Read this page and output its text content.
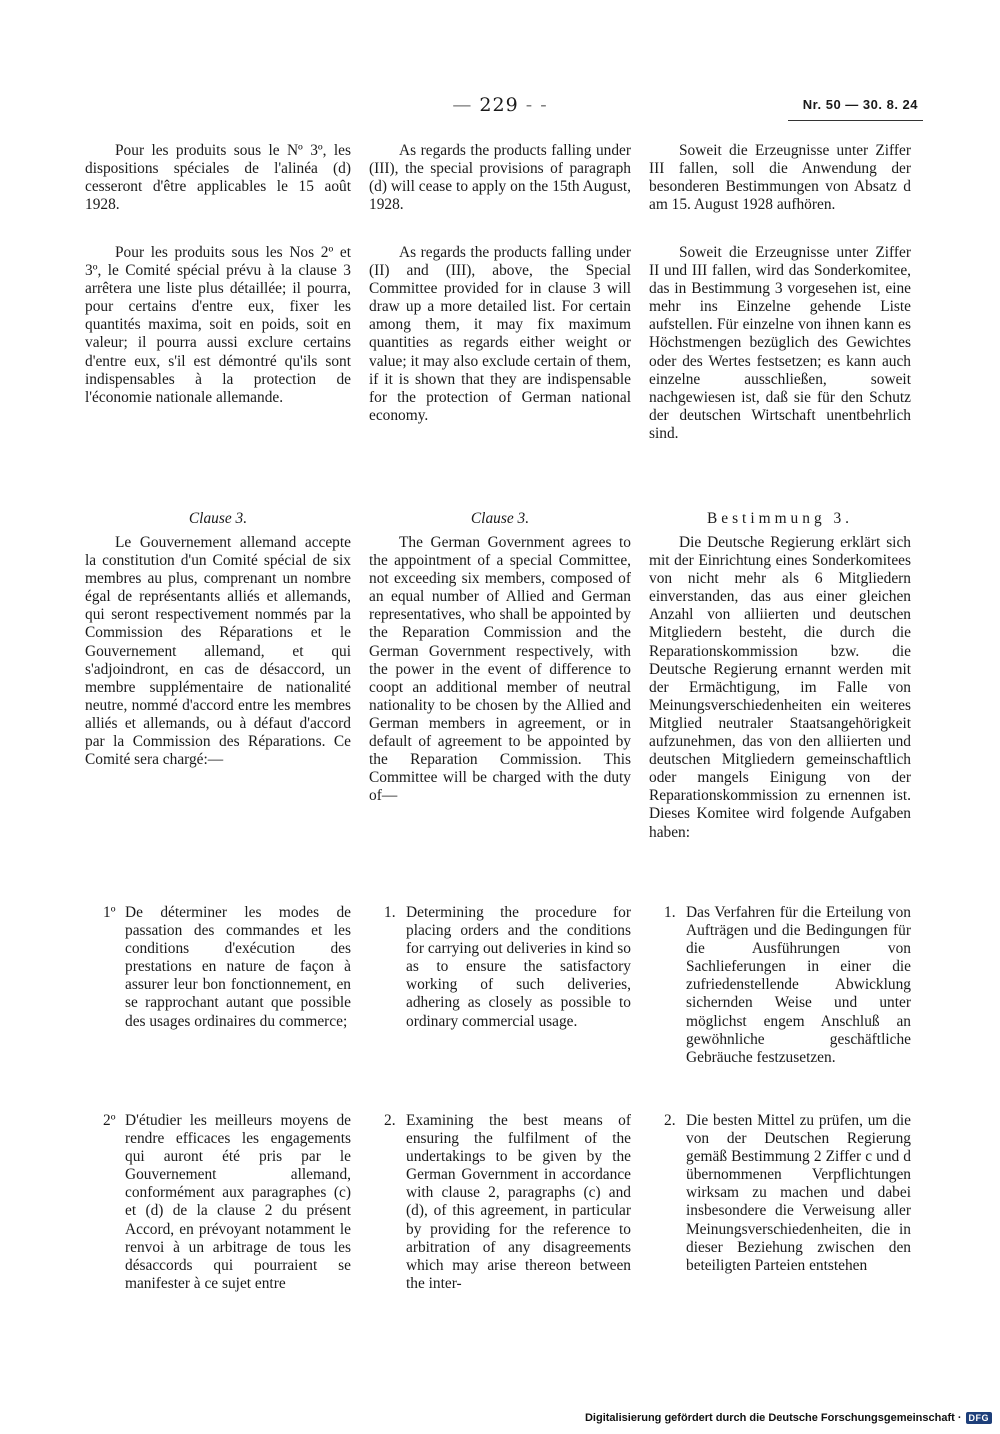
— 229 - -	Nr. 50 — 30. 8. 24

Pour les produits sous le Nº 3º, les dispositions spéciales de l'alinéa (d) cesseront d'être applicables le 15 août 1928.

As regards the products falling under (III), the special provisions of paragraph (d) will cease to apply on the 15th August, 1928.

Soweit die Erzeugnisse unter Ziffer III fallen, soll die Anwendung der besonderen Bestimmungen von Absatz d am 15. August 1928 aufhören.

Pour les produits sous les Nos 2º et 3º, le Comité spécial prévu à la clause 3 arrêtera une liste plus détaillée; il pourra, pour certains d'entre eux, fixer les quantités maxima, soit en poids, soit en valeur; il pourra aussi exclure certains d'entre eux, s'il est démontré qu'ils sont indispensables à la protection de l'économie nationale allemande.

As regards the products falling under (II) and (III), above, the Special Committee provided for in clause 3 will draw up a more detailed list. For certain among them, it may fix maximum quantities as regards either weight or value; it may also exclude certain of them, if it is shown that they are indispensable for the protection of German national economy.

Soweit die Erzeugnisse unter Ziffer II und III fallen, wird das Sonderkomitee, das in Bestimmung 3 vorgesehen ist, eine mehr ins Einzelne gehende Liste aufstellen. Für einzelne von ihnen kann es Höchstmengen bezüglich des Gewichtes oder des Wertes festsetzen; es kann auch einzelne ausschließen, soweit nachgewiesen ist, daß sie für den Schutz der deutschen Wirtschaft unentbehrlich sind.

Clause 3.	Clause 3.	Bestimmung 3.

Le Gouvernement allemand accepte la constitution d'un Comité spécial de six membres au plus, comprenant un nombre égal de représentants alliés et allemands, qui seront respectivement nommés par la Commission des Réparations et le Gouvernement allemand, et qui s'adjoindront, en cas de désaccord, un membre supplémentaire de nationalité neutre, nommé d'accord entre les membres alliés et allemands, ou à défaut d'accord par la Commission des Réparations. Ce Comité sera chargé:—

The German Government agrees to the appointment of a special Committee, not exceeding six members, composed of an equal number of Allied and German representatives, who shall be appointed by the Reparation Commission and the German Government respectively, with the power in the event of difference to coopt an additional member of neutral nationality to be chosen by the Allied and German members in agreement, or in default of agreement to be appointed by the Reparation Commission. This Committee will be charged with the duty of—

Die Deutsche Regierung erklärt sich mit der Einrichtung eines Sonderkomitees von nicht mehr als 6 Mitgliedern einverstanden, das aus einer gleichen Anzahl von alliierten und deutschen Mitgliedern besteht, die durch die Reparationskommission bzw. die Deutsche Regierung ernannt werden mit der Ermächtigung, im Falle von Meinungsverschiedenheiten ein weiteres Mitglied neutraler Staatsangehörigkeit aufzunehmen, das von den alliierten und deutschen Mitgliedern gemeinschaftlich oder mangels Einigung von der Reparationskommission zu ernennen ist. Dieses Komitee wird folgende Aufgaben haben:

1º De déterminer les modes de passation des commandes et les conditions d'exécution des prestations en nature de façon à assurer leur bon fonctionnement, en se rapprochant autant que possible des usages ordinaires du commerce;

1. Determining the procedure for placing orders and the conditions for carrying out deliveries in kind so as to ensure the satisfactory working of such deliveries, adhering as closely as possible to ordinary commercial usage.

1. Das Verfahren für die Erteilung von Aufträgen und die Bedingungen für die Ausführungen von Sachlieferungen in einer die zufriedenstellende Abwicklung sichernden Weise und unter möglichst engem Anschluß an gewöhnliche geschäftliche Gebräuche festzusetzen.

2º D'étudier les meilleurs moyens de rendre efficaces les engagements qui auront été pris par le Gouvernement allemand, conformément aux paragraphes (c) et (d) de la clause 2 du présent Accord, en prévoyant notamment le renvoi à un arbitrage de tous les désaccords qui pourraient se manifester à ce sujet entre

2. Examining the best means of ensuring the fulfilment of the undertakings to be given by the German Government in accordance with clause 2, paragraphs (c) and (d), of this agreement, in particular by providing for the reference to arbitration of any disagreements which may arise thereon between the inter-

2. Die besten Mittel zu prüfen, um die von der Deutschen Regierung gemäß Bestimmung 2 Ziffer c und d übernommenen Verpflichtungen wirksam zu machen und dabei insbesondere die Verweisung aller Meinungsverschiedenheiten, die in dieser Beziehung zwischen den beteiligten Parteien entstehen

Digitalisierung gefördert durch die Deutsche Forschungsgemeinschaft · DFG
